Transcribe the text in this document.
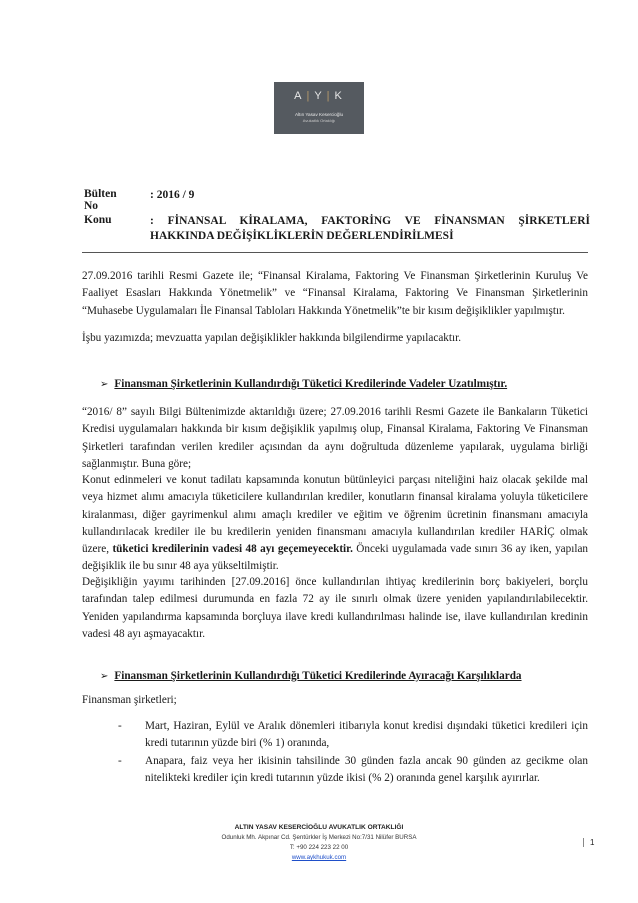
A | Y | K
Altın Yasav Keserci​oğlu
Avukatlık Ortaklığı
Bülten No
: 2016 / 9
Konu	: FİNANSAL KİRALAMA, FAKTORİNG VE FİNANSMAN ŞİRKETLERİ HAKKINDA DEĞİŞİKLİKLERİN DEĞERLENDİRİLMESİ
27.09.2016 tarihli Resmi Gazete ile; “Finansal Kiralama, Faktoring Ve Finansman Şirketlerinin Kuruluş Ve Faaliyet Esasları Hakkında Yönetmelik” ve “Finansal Kiralama, Faktoring Ve Finansman Şirketlerinin “Muhasebe Uygulamaları İle Finansal Tabloları Hakkında Yönetmelik”te bir kısım değişiklikler yapılmıştır.
İşbu yazımızda; mevzuatta yapılan değişiklikler hakkında bilgilendirme yapılacaktır.
➢ Finansman Şirketlerinin Kullandırdığı Tüketici Kredilerinde Vadeler Uzatılmıştır.
“2016/ 8” sayılı Bilgi Bültenimizde aktarıldığı üzere; 27.09.2016 tarihli Resmi Gazete ile Bankaların Tüketici Kredisi uygulamaları hakkında bir kısım değişiklik yapılmış olup, Finansal Kiralama, Faktoring Ve Finansman Şirketleri tarafından verilen krediler açısından da aynı doğrultuda düzenleme yapılarak, uygulama birliği sağlanmıştır. Buna göre;
Konut edinmeleri ve konut tadilatı kapsamında konutun bütünleyici parçası niteliğini haiz olacak şekilde mal veya hizmet alımı amacıyla tüketicilere kullandırılan krediler, konutların finansal kiralama yoluyla tüketicilere kiralanması, diğer gayrimenkul alımı amaçlı krediler ve eğitim ve öğrenim ücretinin finansmanı amacıyla kullandırılacak krediler ile bu kredilerin yeniden finansmanı amacıyla kullandırılan krediler HARİÇ olmak üzere, tüketici kredilerinin vadesi 48 ayı geçemeyecektir. Önceki uygulamada vade sınırı 36 ay iken, yapılan değişiklik ile bu sınır 48 aya yükseltilmiştir.
Değişikliğin yayımı tarihinden [27.09.2016] önce kullandırılan ihtiyaç kredilerinin borç bakiyeleri, borçlu tarafından talep edilmesi durumunda en fazla 72 ay ile sınırlı olmak üzere yeniden yapılandırılabilecektir. Yeniden yapılandırma kapsamında borçluya ilave kredi kullandırılması halinde ise, ilave kullandırılan kredinin vadesi 48 ayı aşmayacaktır.
➢ Finansman Şirketlerinin Kullandırdığı Tüketici Kredilerinde Ayıracağı Karşılıklarda
Finansman şirketleri;
- Mart, Haziran, Eylül ve Aralık dönemleri itibarıyla konut kredisi dışındaki tüketici kredileri için kredi tutarının yüzde biri (% 1) oranında,
- Anapara, faiz veya her ikisinin tahsilinde 30 günden fazla ancak 90 günden az gecikme olan nitelikteki krediler için kredi tutarının yüzde ikisi (% 2) oranında genel karşılık ayırırlar.
ALTIN YASAV KESERCİOĞLU AVUKATLIK ORTAKLIĞI
Odunluk Mh. Akpınar Cd. Şentürkler İş Merkezi No:7/31 Nilüfer BURSA
T: +90 224 223 22 00
www.aykhukuk.com
1
